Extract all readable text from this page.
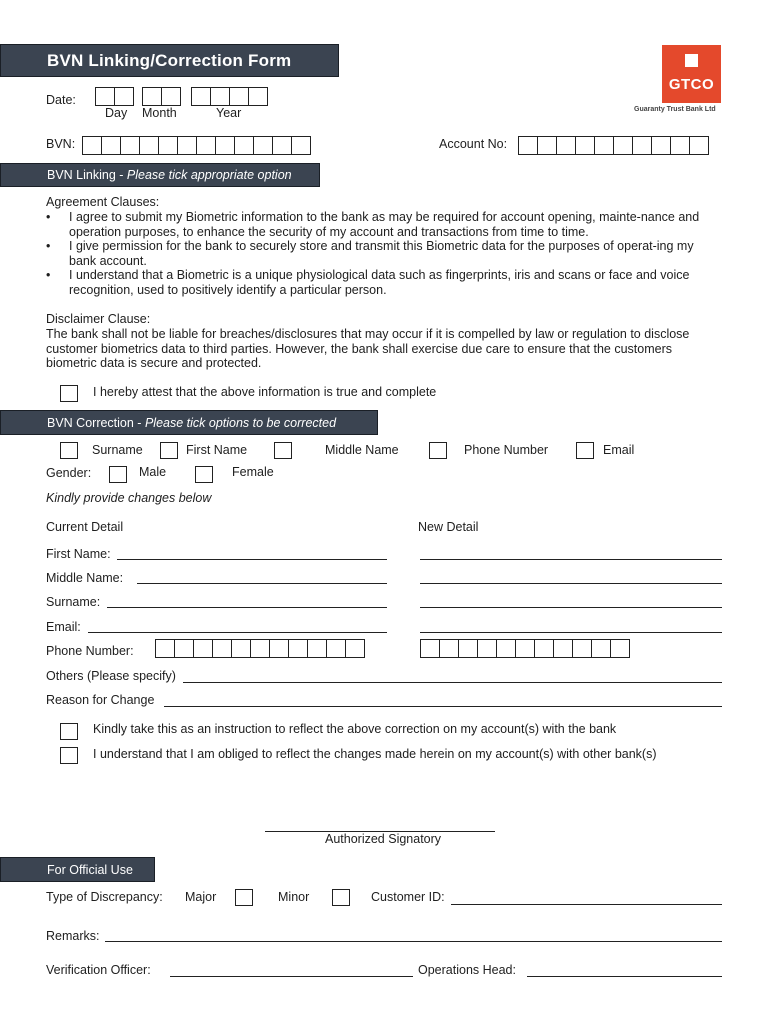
BVN Linking/Correction Form
GTCO
Guaranty Trust Bank Ltd
Date:
Day Month	Year
BVN:	Account No:
BVN Linking - Please tick appropriate option
Agreement Clauses:
• I agree to submit my Biometric information to the bank as may be required for account opening, mainte-nance and operation purposes, to enhance the security of my account and transactions from time to time.
• I give permission for the bank to securely store and transmit this Biometric data for the purposes of operat-ing my bank account.
• I understand that a Biometric is a unique physiological data such as fingerprints, iris and scans or face and voice recognition, used to positively identify a particular person.
Disclaimer Clause:
The bank shall not be liable for breaches/disclosures that may occur if it is compelled by law or regulation to disclose customer biometrics data to third parties. However, the bank shall exercise due care to ensure that the customers biometric data is secure and protected.
I hereby attest that the above information is true and complete
BVN Correction - Please tick options to be corrected
Surname	First Name	Middle Name	Phone Number	Email
Gender:	Male	Female
Kindly provide changes below
Current Detail	New Detail
First Name:
Middle Name:
Surname:
Email:
Phone Number:
Others (Please specify)
Reason for Change
Kindly take this as an instruction to reflect the above correction on my account(s) with the bank
I understand that I am obliged to reflect the changes made herein on my account(s) with other bank(s)
Authorized Signatory
For Official Use
Type of Discrepancy: Major	Minor	Customer ID:
Remarks:
Verification Officer:	Operations Head:
